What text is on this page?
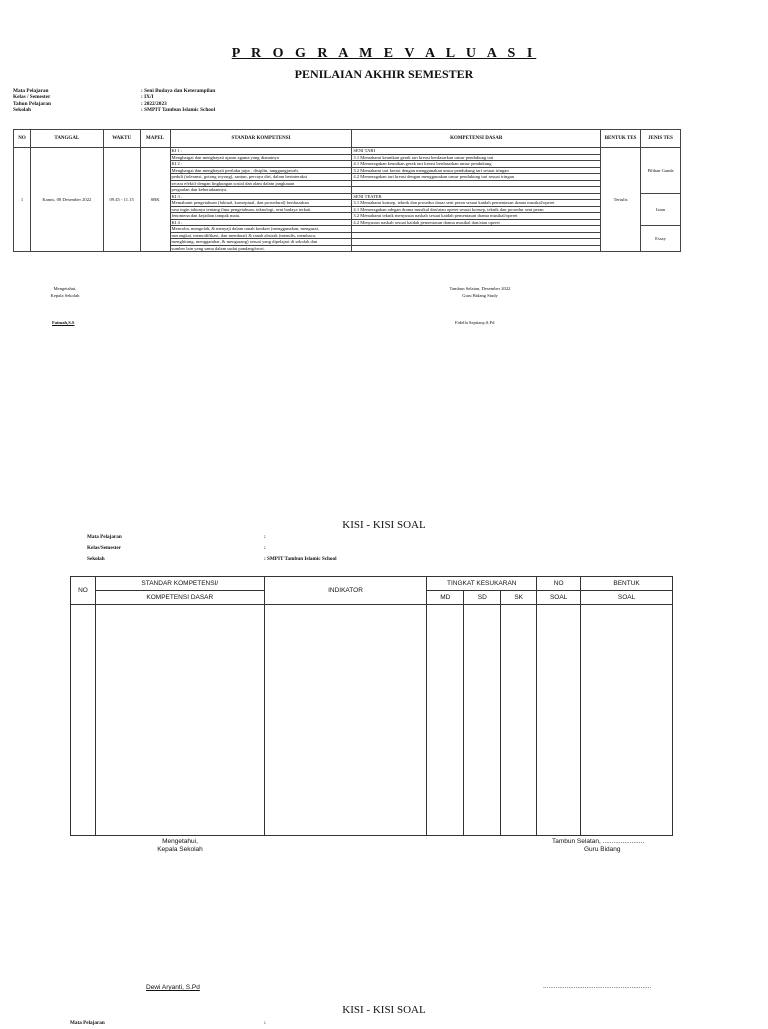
P R O G R A M E V A L U A S I
PENILAIAN AKHIR SEMESTER
Mata Pelajaran	: Seni Budaya dan Keterampilan
Kelas / Semester	: IX/I
Tahun Pelajaran	: 2022/2023
Sekolah	: SMPIT Tambun Islamic School
NO	TANGGAL	WAKTU	MAPEL	STANDAR KOMPETENSI	KOMPETENSI DASAR	BENTUK TES	JENIS TES
1	Kamis, 08 Desember 2022	09.45 - 11.15	SBK	KI 1 :	SENI TARI	Tertulis	Pilihan Ganda
				Menghargai dan menghayati ajaran agama yang dianutnya	3.1 Memahami keunikan gerak tari kreasi berdasarkan unsur pendukung tari		
				KI 2 :	4.1 Memeragakan keunikan gerak tari kreasi berdasarkan unsur pendukung		
				Menghargai dan menghayati perilaku jujur , disiplin, tanggungjawab,	3.2 Memahami tari kreasi dengan menggunakan unsur pendukung tari sesuai iringan		
				peduli (toleransi, gotong royong), santun, percaya diri, dalam berinteraksi	4.2 Memeragakan tari kreasi dengan menggunakan unsur pendukung tari sesuai iringan		
				secara efektif dengan lingkungan sosial dan alam dalam jangkauan			
				pergaulan dan keberadaannya.			
				KI 3 :	SENI TEATER		Isian
				Memahami pengetahuan (faktual, konseptual, dan prosedural) berdasarkan	3.1 Memahami konsep, teknik dan prosedur dasar seni peran sesuai kaidah pementasan drama musikal/operet		
				rasa ingin tahunya tentang ilmu pengetahuan, teknologi, seni budaya terkait	4.1 Memeragakan adegan drama musikal dan/atau operet sesuai konsep, teknik dan prosedur seni peran		
				fenomena dan kejadian tampak mata.	3.2 Memahami teknik menyusun naskah sesuai kaidah pementasan drama musikal/operet		
				KI 4 :	4.2 Menyusun naskah sesuai kaidah pementasan drama musikal dan/atau operet		
				Mencoba, mengolah, & menyaji dalam ranah konkret (menggunakan, mengurai,			Essay
				merangkai, memodifikasi, dan membuat) & ranah abstrak (menulis, membaca,			
				menghitung, menggambar, & mengarang) sesuai yang dipelajari di sekolah dan			
				sumber lain yang sama dalam sudut pandang/teori.			
Mengetahui,
Kepala Sekolah
Tambun Selatan, Desember 2022
Guru Bidang Study
Faimah,S.S	Fidella Septiany,S.Pd
KISI - KISI SOAL
Mata Pelajaran	:
Kelas/Semester	:
Sekolah	: SMPIT Tambun Islamic School
NO	STANDAR KOMPETENSI/	INDIKATOR	TINGKAT KESUKARAN			NO	BENTUK
	KOMPETENSI DASAR		MD	SD	SK	SOAL	SOAL

Mengetahui,
Kepala Sekolah
Tambun Selatan, .......................
Guru Bidang
Dewi Aryanti, S.Pd	............................................................
KISI - KISI SOAL
Mata Pelajaran	:
